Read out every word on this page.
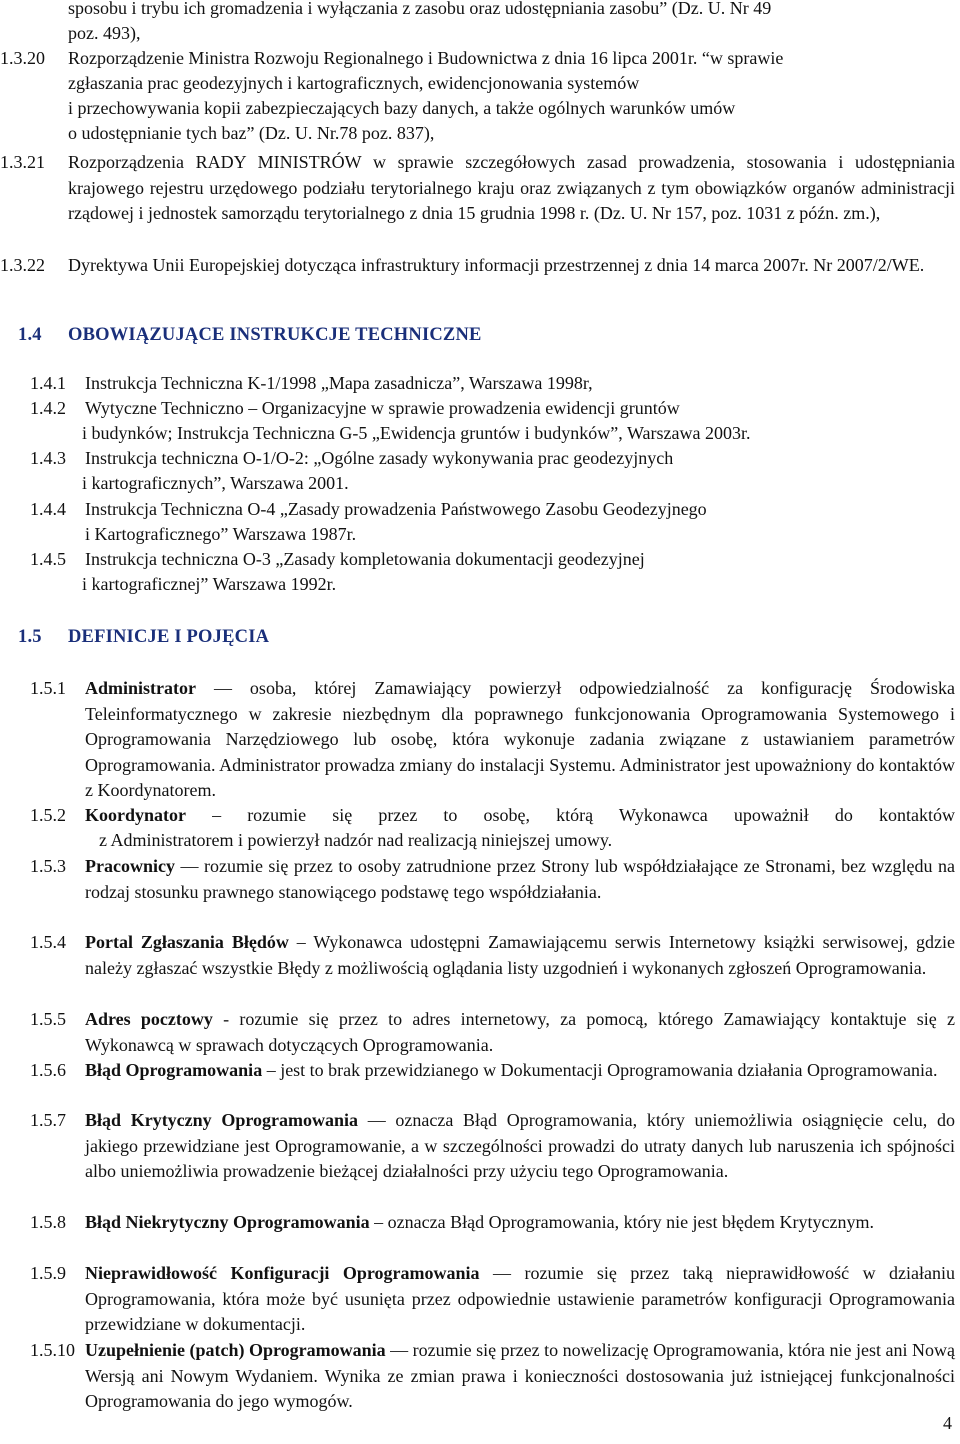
sposobu i trybu ich gromadzenia i wyłączania z zasobu oraz udostępniania zasobu” (Dz. U. Nr 49
poz. 493),
1.3.20 Rozporządzenie Ministra Rozwoju Regionalnego i Budownictwa z dnia 16 lipca 2001r. “w sprawie
zgłaszania prac geodezyjnych i kartograficznych, ewidencjonowania systemów
i przechowywania kopii zabezpieczających bazy danych, a także ogólnych warunków umów
o udostępnianie tych baz” (Dz. U. Nr.78 poz. 837),
1.3.21 Rozporządzenia RADY MINISTRÓW w sprawie szczegółowych zasad prowadzenia, stosowania i udostępniania krajowego rejestru urzędowego podziału terytorialnego kraju oraz związanych z tym obowiązków organów administracji rządowej i jednostek samorządu terytorialnego z dnia 15 grudnia 1998 r. (Dz. U. Nr 157, poz. 1031 z późn. zm.),
1.3.22 Dyrektywa Unii Europejskiej dotycząca infrastruktury informacji przestrzennej z dnia 14 marca 2007r. Nr 2007/2/WE.
1.4 OBOWIĄZUJĄCE INSTRUKCJE TECHNICZNE
1.4.1 Instrukcja Techniczna K-1/1998 „Mapa zasadnicza”, Warszawa 1998r,
1.4.2 Wytyczne Techniczno – Organizacyjne w sprawie prowadzenia ewidencji gruntów
i budynków; Instrukcja Techniczna G-5 „Ewidencja gruntów i budynków”, Warszawa 2003r.
1.4.3 Instrukcja techniczna O-1/O-2: „Ogólne zasady wykonywania prac geodezyjnych
i kartograficznych”, Warszawa 2001.
1.4.4 Instrukcja Techniczna O-4 „Zasady prowadzenia Państwowego Zasobu Geodezyjnego
i Kartograficznego” Warszawa 1987r.
1.4.5 Instrukcja techniczna O-3 „Zasady kompletowania dokumentacji geodezyjnej
i kartograficznej” Warszawa 1992r.
1.5 DEFINICJE I POJĘCIA
1.5.1 Administrator — osoba, której Zamawiający powierzył odpowiedzialność za konfigurację Środowiska Teleinformatycznego w zakresie niezbędnym dla poprawnego funkcjonowania Oprogramowania Systemowego i Oprogramowania Narzędziowego lub osobę, która wykonuje zadania związane z ustawianiem parametrów Oprogramowania. Administrator prowadza zmiany do instalacji Systemu. Administrator jest upoważniony do kontaktów z Koordynatorem.
1.5.2 Koordynator – rozumie się przez to osobę, którą Wykonawca upoważnił do kontaktów
z Administratorem i powierzył nadzór nad realizacją niniejszej umowy.
1.5.3 Pracownicy — rozumie się przez to osoby zatrudnione przez Strony lub współdziałające ze Stronami, bez względu na rodzaj stosunku prawnego stanowiącego podstawę tego współdziałania.
1.5.4 Portal Zgłaszania Błędów – Wykonawca udostępni Zamawiającemu serwis Internetowy książki serwisowej, gdzie należy zgłaszać wszystkie Błędy z możliwością oglądania listy uzgodnień i wykonanych zgłoszeń Oprogramowania.
1.5.5 Adres pocztowy - rozumie się przez to adres internetowy, za pomocą, którego Zamawiający kontaktuje się z Wykonawcą w sprawach dotyczących Oprogramowania.
1.5.6 Błąd Oprogramowania – jest to brak przewidzianego w Dokumentacji Oprogramowania działania Oprogramowania.
1.5.7 Błąd Krytyczny Oprogramowania — oznacza Błąd Oprogramowania, który uniemożliwia osiągnięcie celu, do jakiego przewidziane jest Oprogramowanie, a w szczególności prowadzi do utraty danych lub naruszenia ich spójności albo uniemożliwia prowadzenie bieżącej działalności przy użyciu tego Oprogramowania.
1.5.8 Błąd Niekrytyczny Oprogramowania – oznacza Błąd Oprogramowania, który nie jest błędem Krytycznym.
1.5.9 Nieprawidłowość Konfiguracji Oprogramowania — rozumie się przez taką nieprawidłowość w działaniu Oprogramowania, która może być usunięta przez odpowiednie ustawienie parametrów konfiguracji Oprogramowania przewidziane w dokumentacji.
1.5.10 Uzupełnienie (patch) Oprogramowania — rozumie się przez to nowelizację Oprogramowania, która nie jest ani Nową Wersją ani Nowym Wydaniem. Wynika ze zmian prawa i konieczności dostosowania już istniejącej funkcjonalności Oprogramowania do jego wymogów.
4
